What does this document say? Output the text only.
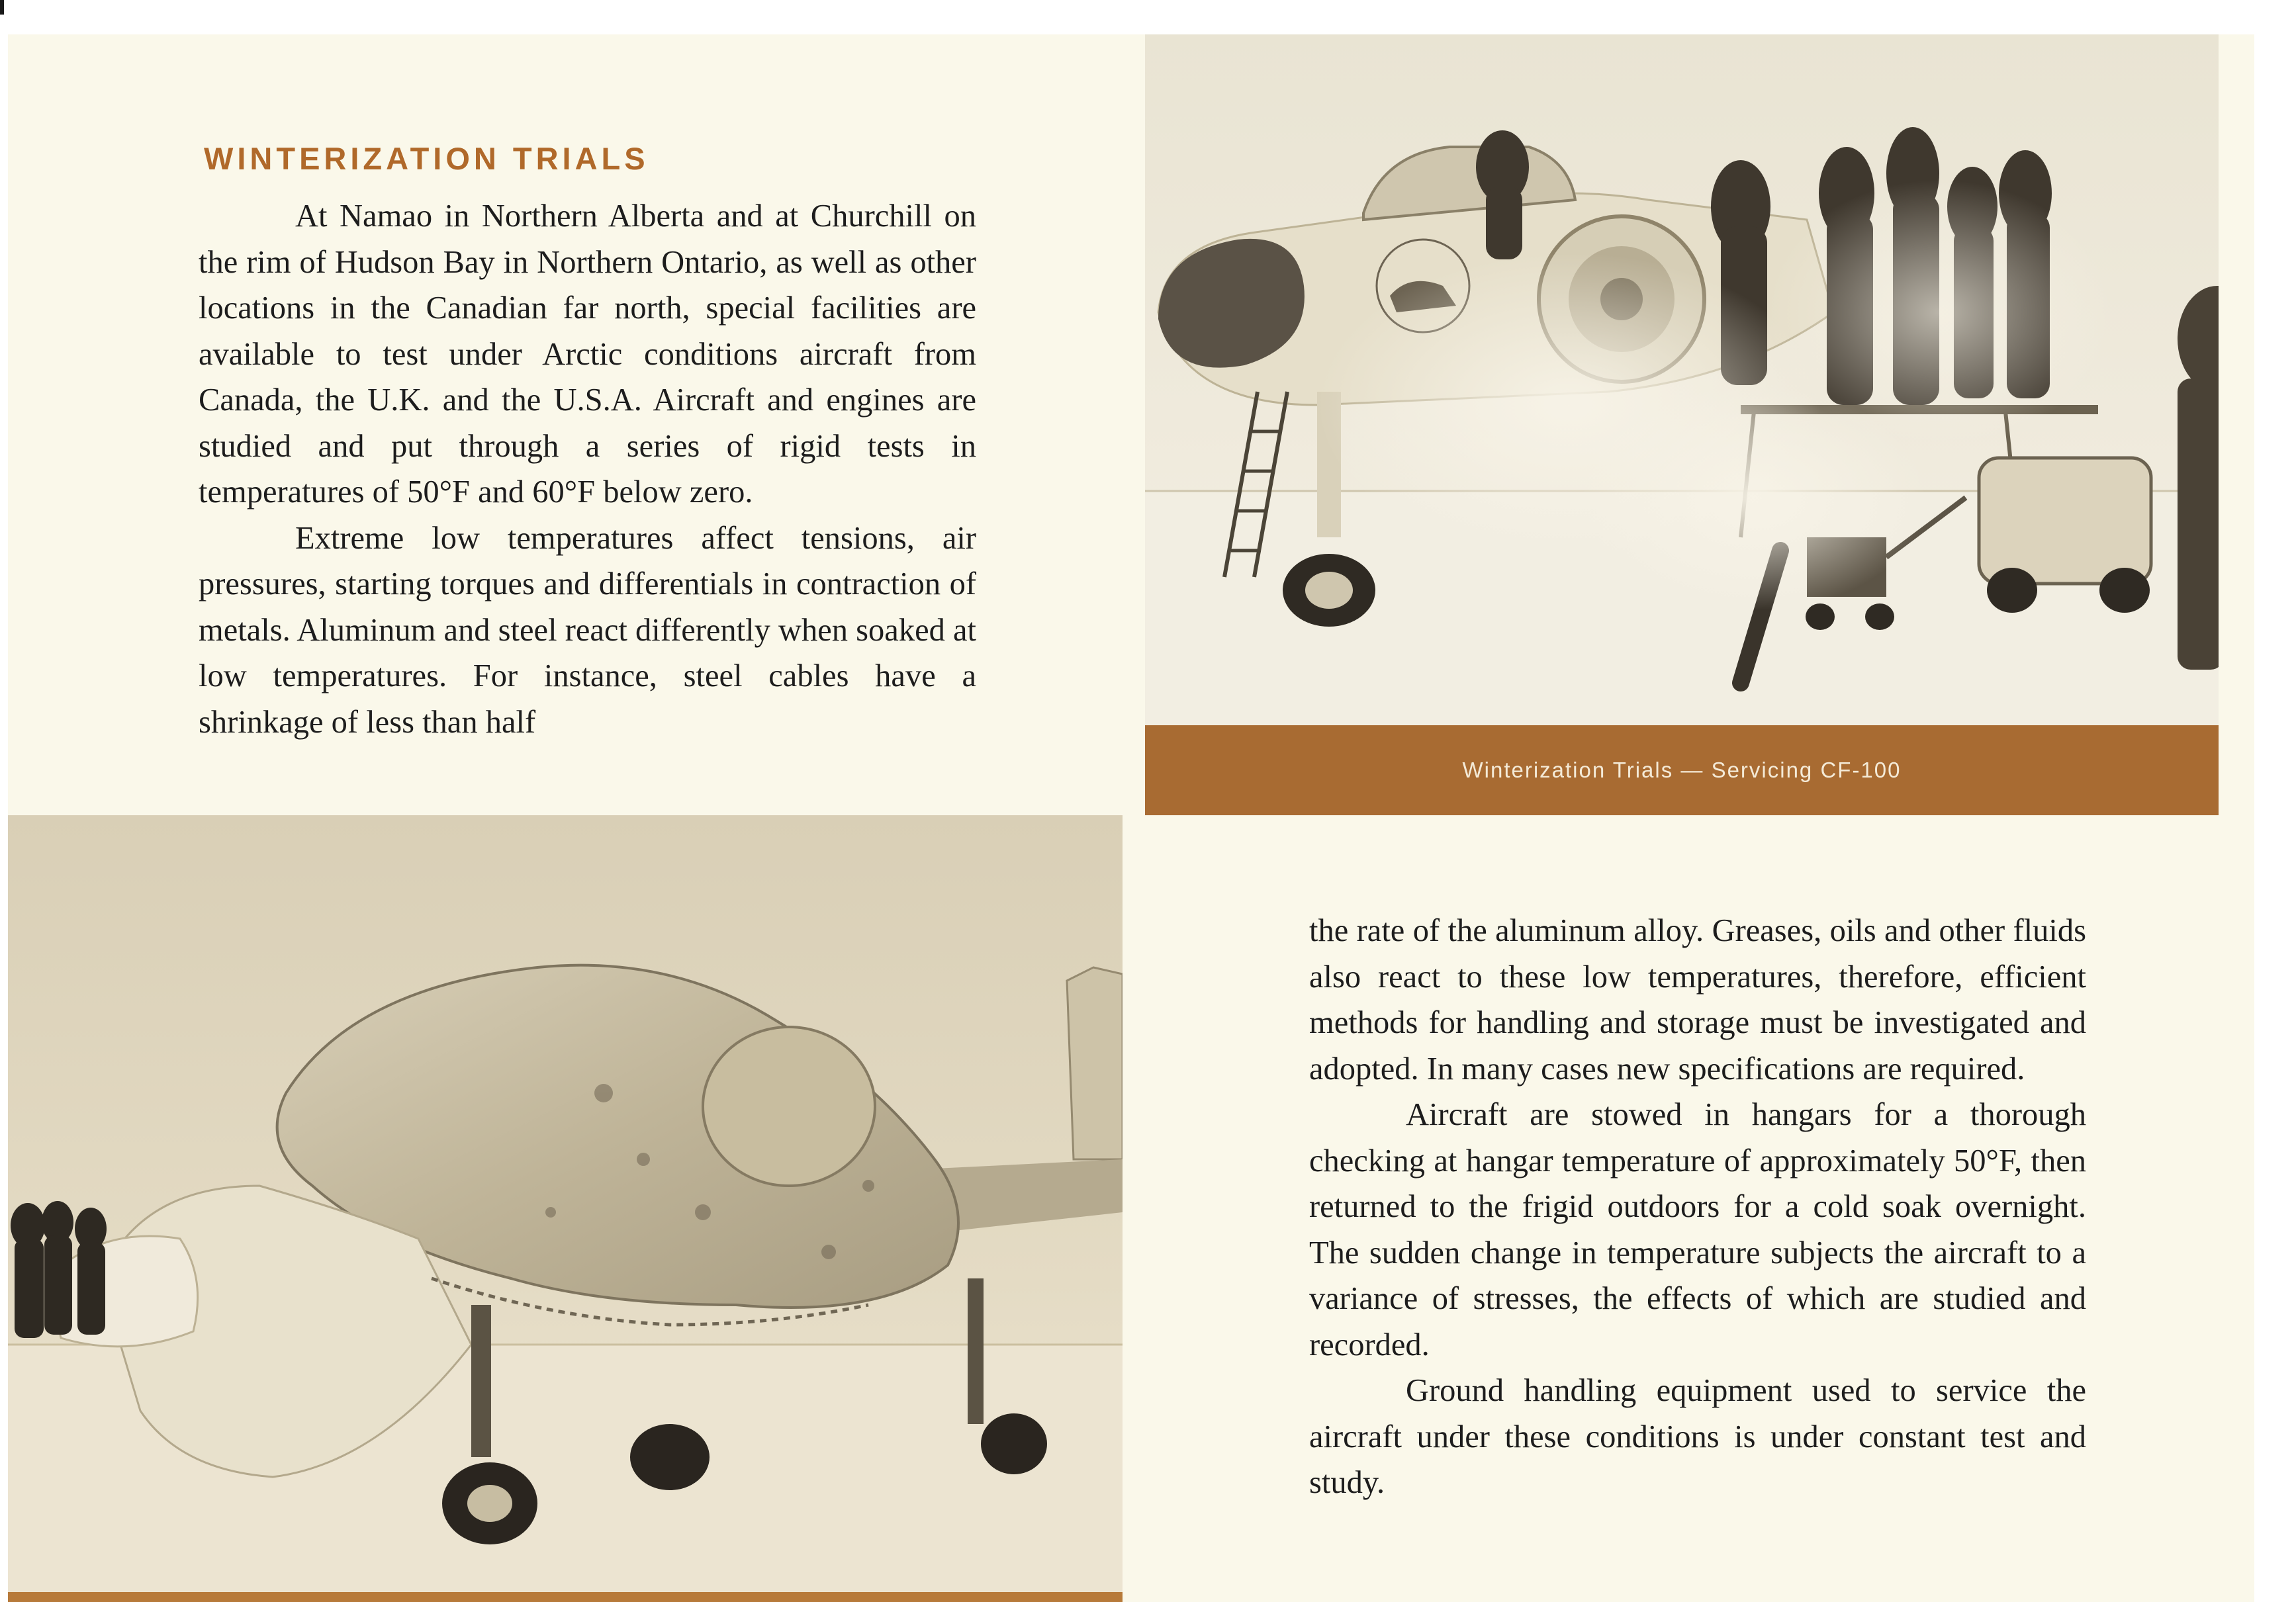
WINTERIZATION TRIALS

At Namao in Northern Alberta and at Churchill on the rim of Hudson Bay in Northern Ontario, as well as other locations in the Canadian far north, special facilities are available to test under Arctic conditions aircraft from Canada, the U.K. and the U.S.A. Aircraft and engines are studied and put through a series of rigid tests in temperatures of 50°F and 60°F below zero.

Extreme low temperatures affect tensions, air pressures, starting torques and differentials in contraction of metals. Aluminum and steel react differently when soaked at low temperatures. For instance, steel cables have a shrinkage of less than half

Winterization Trials — Servicing CF-100

the rate of the aluminum alloy. Greases, oils and other fluids also react to these low temperatures, therefore, efficient methods for handling and storage must be investigated and adopted. In many cases new specifications are required.

Aircraft are stowed in hangars for a thorough checking at hangar temperature of approximately 50°F, then returned to the frigid outdoors for a cold soak overnight. The sudden change in temperature subjects the aircraft to a variance of stresses, the effects of which are studied and recorded.

Ground handling equipment used to service the aircraft under these conditions is under constant test and study.
